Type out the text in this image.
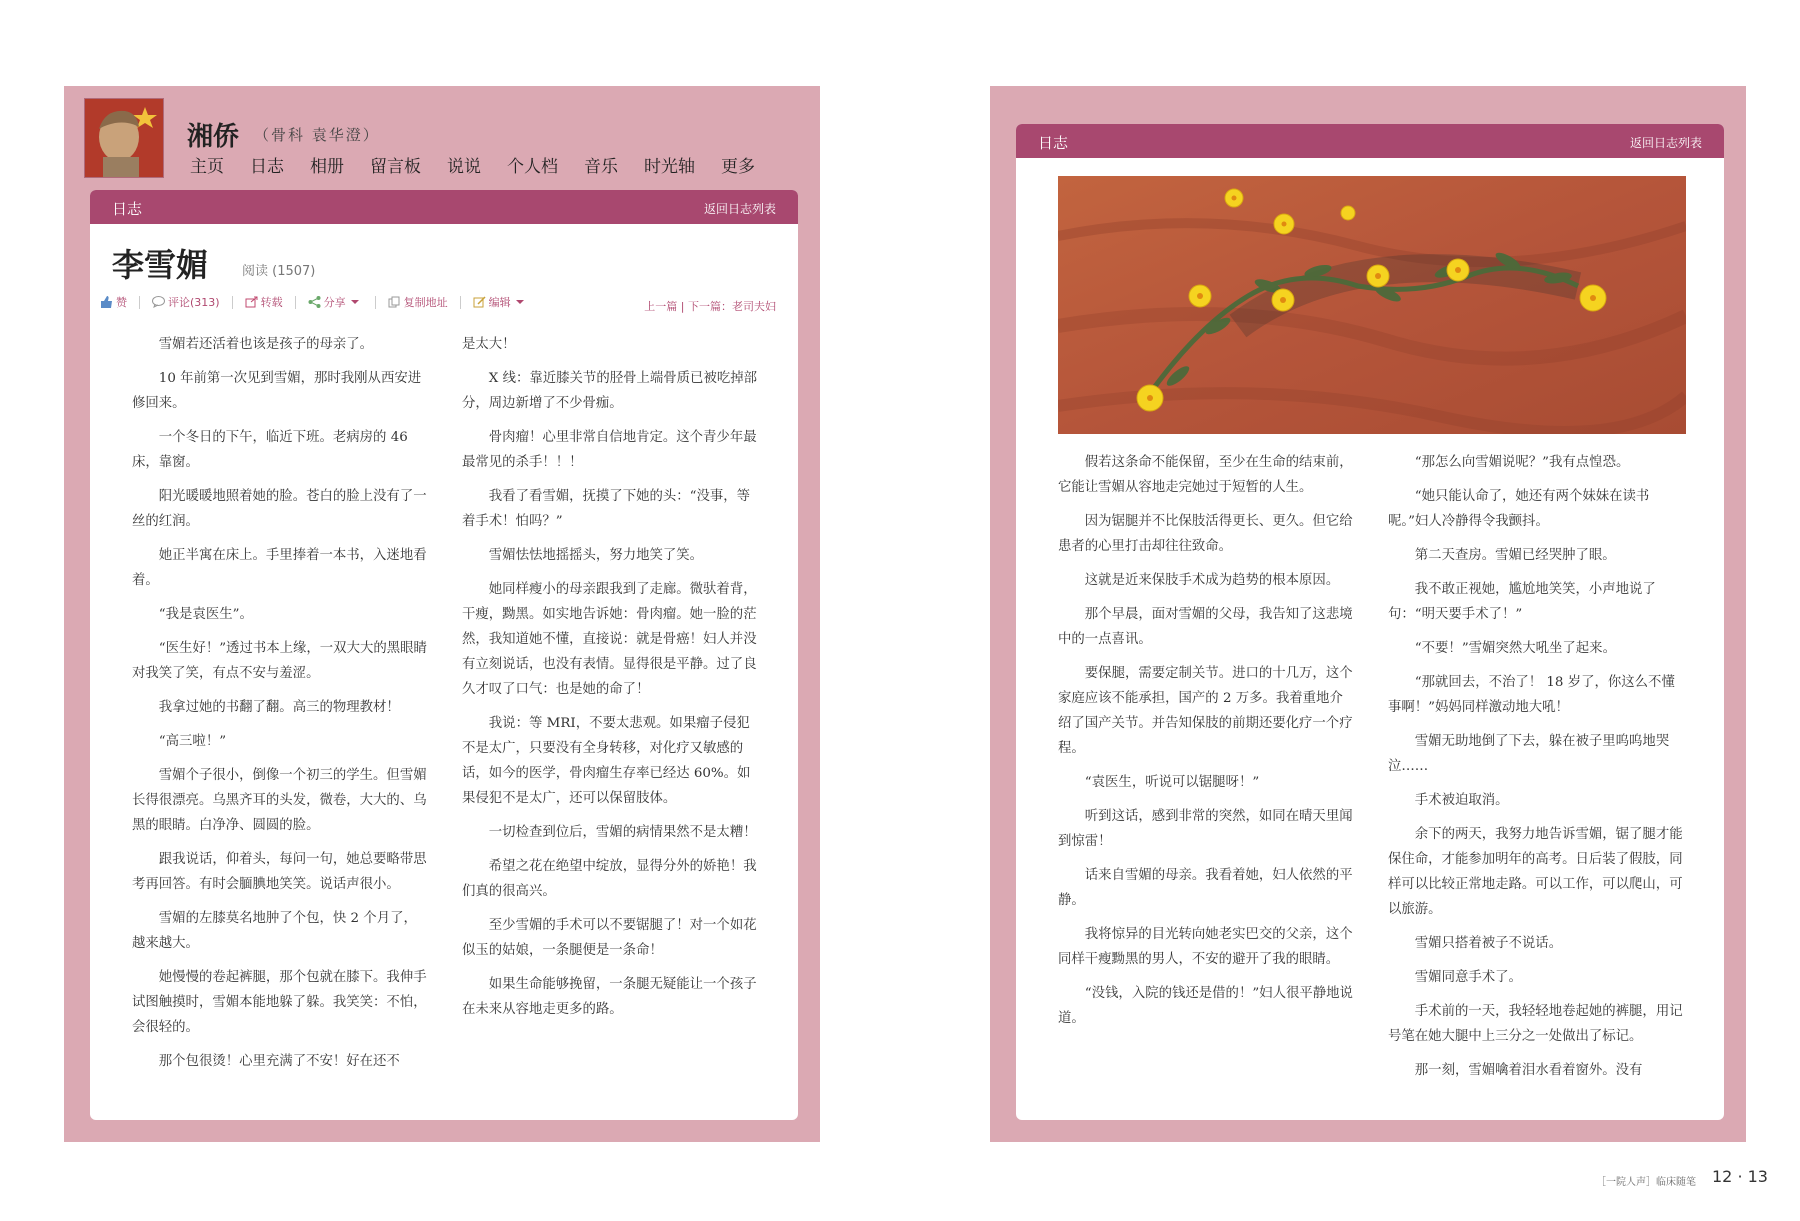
湘侨 （骨科 袁华澄）
主页 日志 相册 留言板 说说 个人档 音乐 时光轴 更多
日志	返回日志列表
李雪媚	阅读 (1507)
赞	评论(313)	转载	分享	复制地址	编辑	上一篇 | 下一篇：老司夫妇

雪媚若还活着也该是孩子的母亲了。

10 年前第一次见到雪媚，那时我刚从西安进修回来。

一个冬日的下午，临近下班。老病房的 46 床，靠窗。

阳光暖暖地照着她的脸。苍白的脸上没有了一丝的红润。

她正半寓在床上。手里捧着一本书，入迷地看着。

“我是袁医生”。

“医生好！”透过书本上缘，一双大大的黑眼睛对我笑了笑，有点不安与羞涩。

我拿过她的书翻了翻。高三的物理教材！

“高三啦！”

雪媚个子很小，倒像一个初三的学生。但雪媚长得很漂亮。乌黑齐耳的头发，微卷，大大的、乌黑的眼睛。白净净、圆圆的脸。

跟我说话，仰着头，每问一句，她总要略带思考再回答。有时会腼腆地笑笑。说话声很小。

雪媚的左膝莫名地肿了个包，快 2 个月了，越来越大。

她慢慢的卷起裤腿，那个包就在膝下。我伸手试图触摸时，雪媚本能地躲了躲。我笑笑：不怕，会很轻的。

那个包很烫！心里充满了不安！好在还不

是太大！

X 线：靠近膝关节的胫骨上端骨质已被吃掉部分，周边新增了不少骨痂。

骨肉瘤！心里非常自信地肯定。这个青少年最最常见的杀手！！！

我看了看雪媚，抚摸了下她的头：“没事，等着手术！怕吗？”

雪媚怯怯地摇摇头，努力地笑了笑。

她同样瘦小的母亲跟我到了走廊。微驮着背，干瘦，黝黑。如实地告诉她：骨肉瘤。她一脸的茫然，我知道她不懂，直接说：就是骨癌！妇人并没有立刻说话，也没有表情。显得很是平静。过了良久才叹了口气：也是她的命了！

我说：等 MRI，不要太悲观。如果瘤子侵犯不是太广，只要没有全身转移，对化疗又敏感的话，如今的医学，骨肉瘤生存率已经达 60%。如果侵犯不是太广，还可以保留肢体。

一切检查到位后，雪媚的病情果然不是太糟！

希望之花在绝望中绽放，显得分外的娇艳！我们真的很高兴。

至少雪媚的手术可以不要锯腿了！对一个如花似玉的姑娘，一条腿便是一条命！

如果生命能够挽留，一条腿无疑能让一个孩子在未来从容地走更多的路。

日志	返回日志列表

假若这条命不能保留，至少在生命的结束前，它能让雪媚从容地走完她过于短暂的人生。

因为锯腿并不比保肢活得更长、更久。但它给患者的心里打击却往往致命。

这就是近来保肢手术成为趋势的根本原因。

那个早晨，面对雪媚的父母，我告知了这悲境中的一点喜讯。

要保腿，需要定制关节。进口的十几万，这个家庭应该不能承担，国产的 2 万多。我着重地介绍了国产关节。并告知保肢的前期还要化疗一个疗程。

“袁医生，听说可以锯腿呀！”

听到这话，感到非常的突然，如同在晴天里闻到惊雷！

话来自雪媚的母亲。我看着她，妇人依然的平静。

我将惊异的目光转向她老实巴交的父亲，这个同样干瘦黝黑的男人，不安的避开了我的眼睛。

“没钱，入院的钱还是借的！”妇人很平静地说道。

“那怎么向雪媚说呢？”我有点惶恐。

“她只能认命了，她还有两个妹妹在读书呢。”妇人冷静得令我颤抖。

第二天查房。雪媚已经哭肿了眼。

我不敢正视她，尴尬地笑笑，小声地说了句：“明天要手术了！”

“不要！”雪媚突然大吼坐了起来。

“那就回去，不治了！ 18 岁了，你这么不懂事啊！”妈妈同样激动地大吼！

雪媚无助地倒了下去，躲在被子里呜呜地哭泣……

手术被迫取消。

余下的两天，我努力地告诉雪媚，锯了腿才能保住命，才能参加明年的高考。日后装了假肢，同样可以比较正常地走路。可以工作，可以爬山，可以旅游。

雪媚只搭着被子不说话。

雪媚同意手术了。

手术前的一天，我轻轻地卷起她的裤腿，用记号笔在她大腿中上三分之一处做出了标记。

那一刻，雪媚噙着泪水看着窗外。没有

［一院人声］临床随笔 12 · 13
